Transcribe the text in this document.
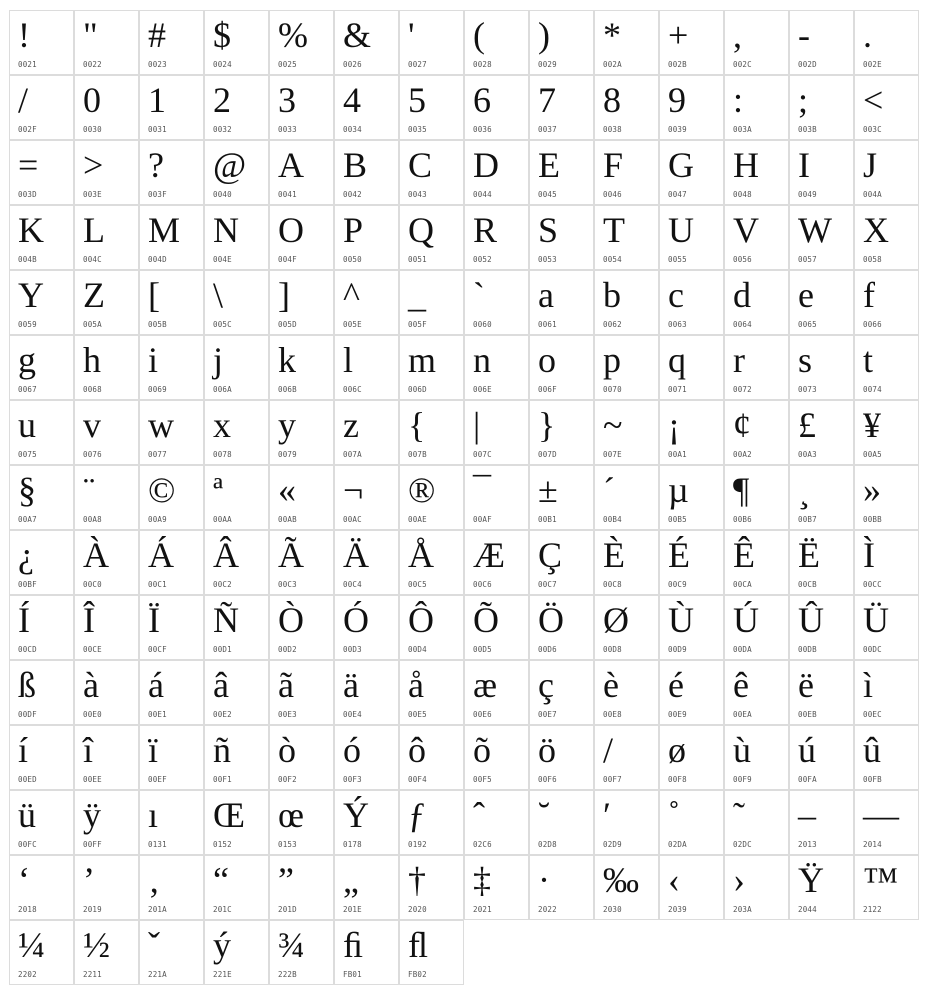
!
0021
"
0022
#
0023
$
0024
%
0025
&
0026
'
0027
(
0028
)
0029
*
002A
+
002B
,
002C
-
002D
.
002E
/
002F
0
0030
1
0031
2
0032
3
0033
4
0034
5
0035
6
0036
7
0037
8
0038
9
0039
:
003A
;
003B
<
003C
=
003D
>
003E
?
003F
@
0040
A
0041
B
0042
C
0043
D
0044
E
0045
F
0046
G
0047
H
0048
I
0049
J
004A
K
004B
L
004C
M
004D
N
004E
O
004F
P
0050
Q
0051
R
0052
S
0053
T
0054
U
0055
V
0056
W
0057
X
0058
Y
0059
Z
005A
[
005B
\
005C
]
005D
^
005E
_
005F
`
0060
a
0061
b
0062
c
0063
d
0064
e
0065
f
0066
g
0067
h
0068
i
0069
j
006A
k
006B
l
006C
m
006D
n
006E
o
006F
p
0070
q
0071
r
0072
s
0073
t
0074
u
0075
v
0076
w
0077
x
0078
y
0079
z
007A
{
007B
|
007C
}
007D
~
007E
¡
00A1
¢
00A2
£
00A3
¥
00A5
§
00A7
¨
00A8
©
00A9
ª
00AA
«
00AB
¬
00AC
®
00AE
¯
00AF
±
00B1
´
00B4
µ
00B5
¶
00B6
¸
00B7
»
00BB
¿
00BF
À
00C0
Á
00C1
Â
00C2
Ã
00C3
Ä
00C4
Å
00C5
Æ
00C6
Ç
00C7
È
00C8
É
00C9
Ê
00CA
Ë
00CB
Ì
00CC
Í
00CD
Î
00CE
Ï
00CF
Ñ
00D1
Ò
00D2
Ó
00D3
Ô
00D4
Õ
00D5
Ö
00D6
Ø
00D8
Ù
00D9
Ú
00DA
Û
00DB
Ü
00DC
ß
00DF
à
00E0
á
00E1
â
00E2
ã
00E3
ä
00E4
å
00E5
æ
00E6
ç
00E7
è
00E8
é
00E9
ê
00EA
ë
00EB
ì
00EC
í
00ED
î
00EE
ï
00EF
ñ
00F1
ò
00F2
ó
00F3
ô
00F4
õ
00F5
ö
00F6
/
00F7
ø
00F8
ù
00F9
ú
00FA
û
00FB
ü
00FC
ÿ
00FF
ı
0131
Œ
0152
œ
0153
Ý
0178
ƒ
0192
ˆ
02C6
˘
02D8
ʹ
02D9
˚
02DA
˜
02DC
–
2013
—
2014
‘
2018
’
2019
‚
201A
“
201C
”
201D
„
201E
†
2020
‡
2021
·
2022
‰
2030
‹
2039
›
203A
Ÿ
2044
™
2122
¼
2202
½
2211
ˇ
221A
ý
221E
¾
222B
ﬁ
FB01
ﬂ
FB02
